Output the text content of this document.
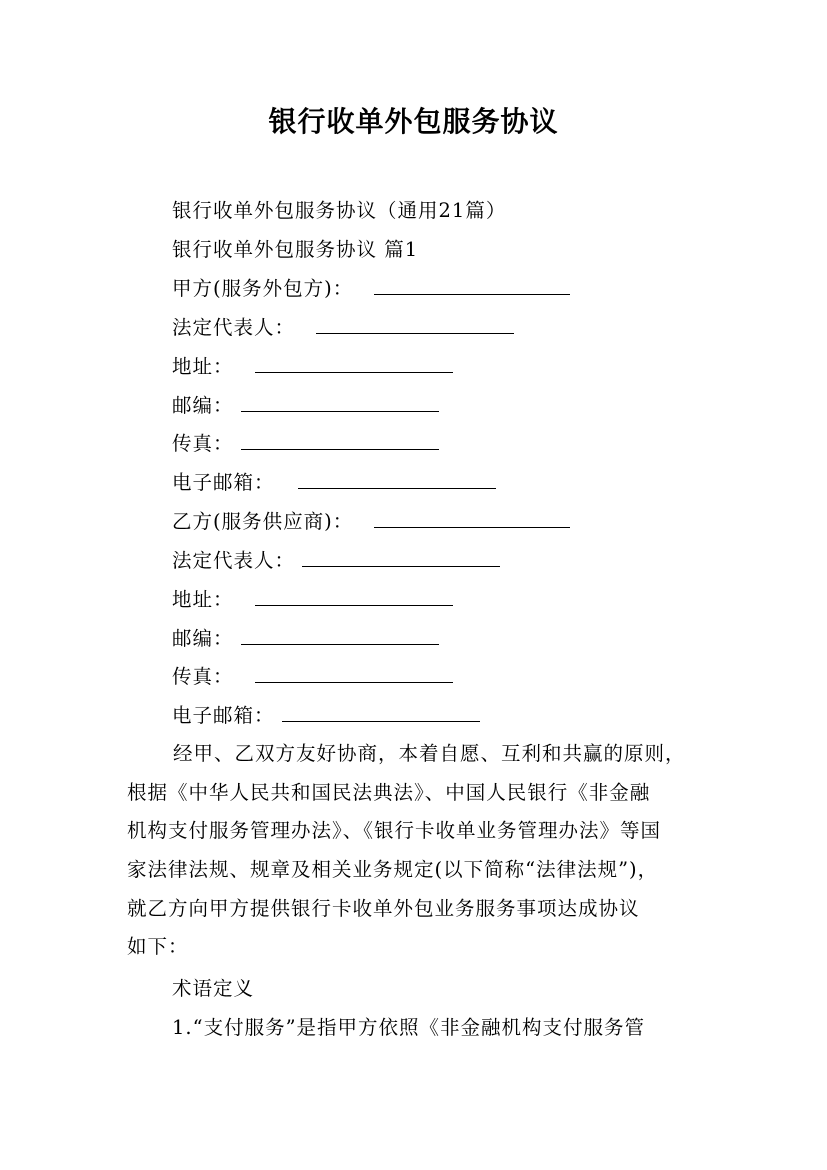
银行收单外包服务协议
银行收单外包服务协议（通用21篇）
银行收单外包服务协议 篇1
甲方(服务外包方)：
法定代表人：
地址：
邮编：
传真：
电子邮箱：
乙方(服务供应商)：
法定代表人：
地址：
邮编：
传真：
电子邮箱：
经甲、乙双方友好协商，本着自愿、互利和共赢的原则，
根据《中华人民共和国民法典法》、中国人民银行《非金融
机构支付服务管理办法》、《银行卡收单业务管理办法》等国
家法律法规、规章及相关业务规定(以下简称“法律法规”)，
就乙方向甲方提供银行卡收单外包业务服务事项达成协议
如下：
术语定义
1.“支付服务”是指甲方依照《非金融机构支付服务管
